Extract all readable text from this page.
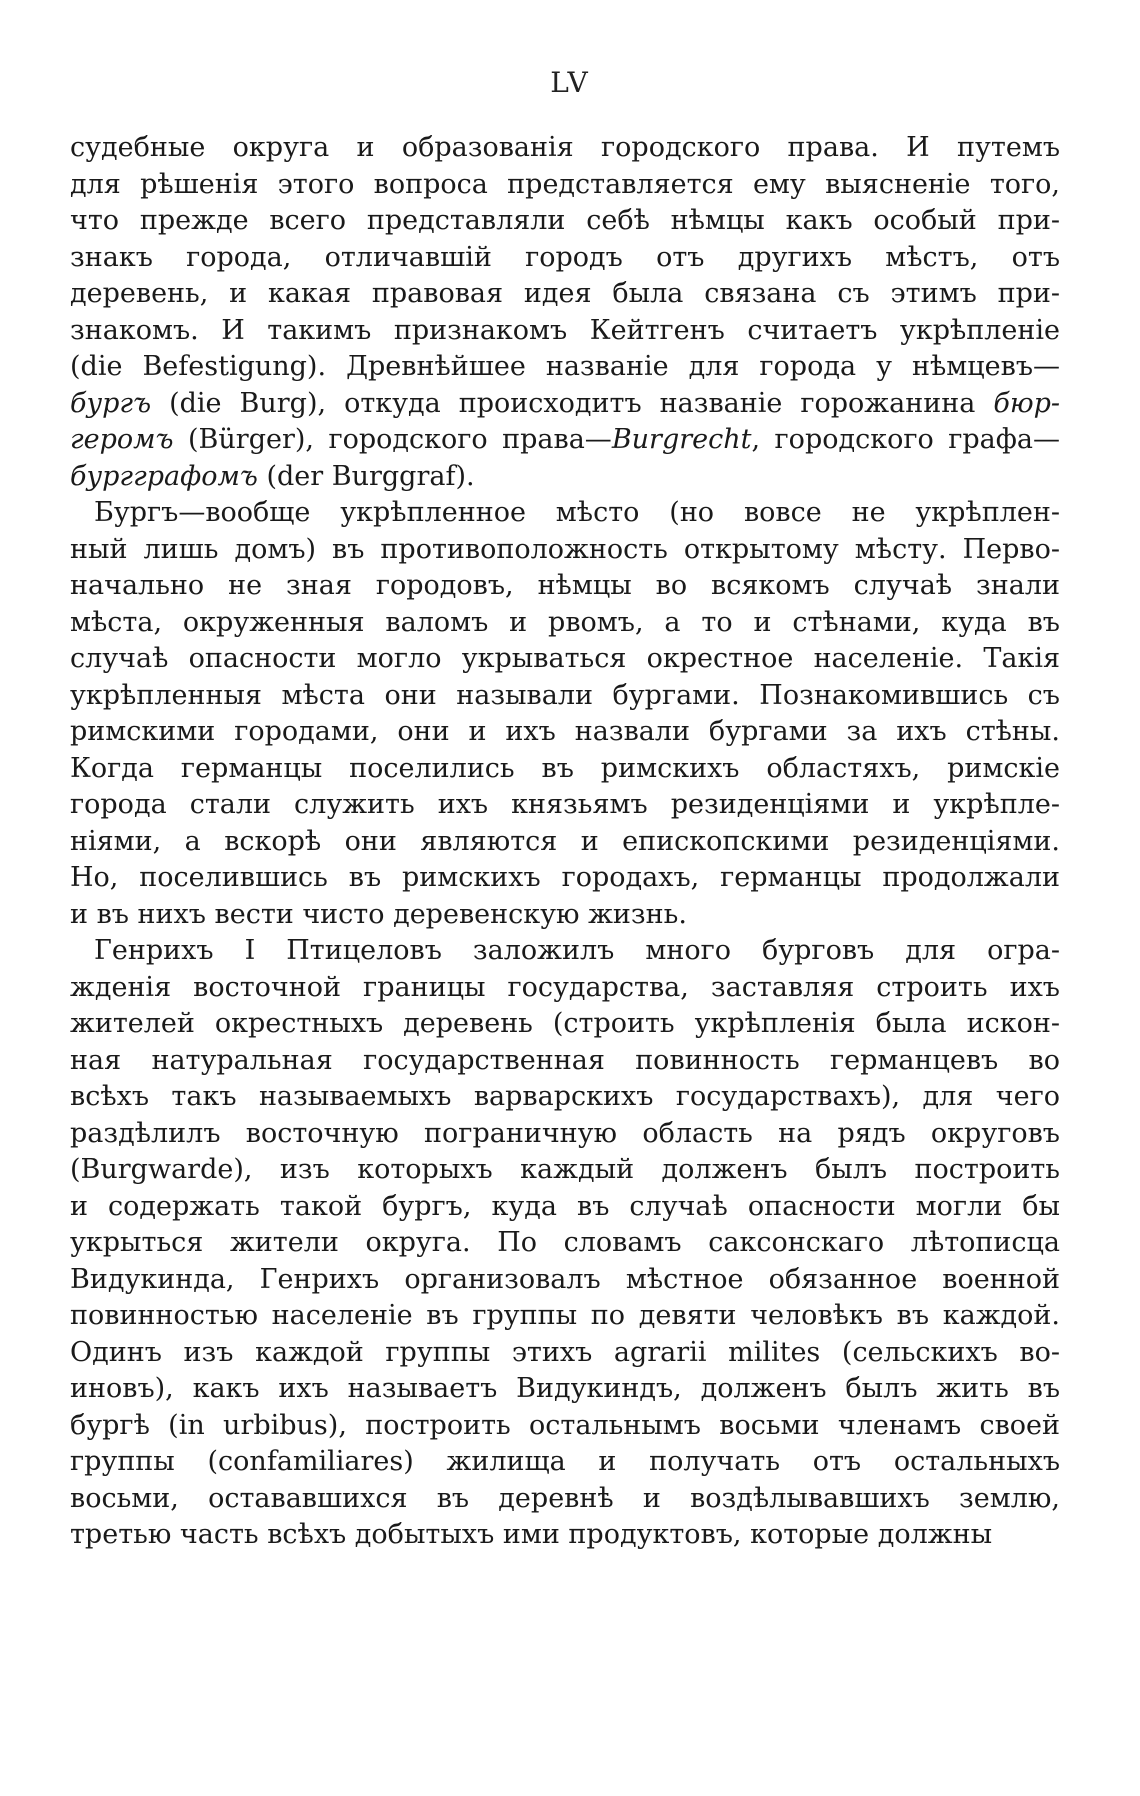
LV
судебные округа и образованія городского права. И путемъ
для рѣшенія этого вопроса представляется ему выясненіе того,
что прежде всего представляли себѣ нѣмцы какъ особый при-
знакъ города, отличавшій городъ отъ другихъ мѣстъ, отъ
деревень, и какая правовая идея была связана съ этимъ при-
знакомъ. И такимъ признакомъ Кейтгенъ считаетъ укрѣпленіе
(die Befestigung). Древнѣйшее названіе для города у нѣмцевъ—
бургъ (die Burg), откуда происходитъ названіе горожанина бюр-
геромъ (Bürger), городского права—Burgrecht, городского графа—
бургграфомъ (der Burggraf).
Бургъ—вообще укрѣпленное мѣсто (но вовсе не укрѣплен-
ный лишь домъ) въ противоположность открытому мѣсту. Перво-
начально не зная городовъ, нѣмцы во всякомъ случаѣ знали
мѣста, окруженныя валомъ и рвомъ, а то и стѣнами, куда въ
случаѣ опасности могло укрываться окрестное населеніе. Такія
укрѣпленныя мѣста они называли бургами. Познакомившись съ
римскими городами, они и ихъ назвали бургами за ихъ стѣны.
Когда германцы поселились въ римскихъ областяхъ, римскіе
города стали служить ихъ князьямъ резиденціями и укрѣпле-
ніями, а вскорѣ они являются и епископскими резиденціями.
Но, поселившись въ римскихъ городахъ, германцы продолжали
и въ нихъ вести чисто деревенскую жизнь.
Генрихъ I Птицеловъ заложилъ много бурговъ для огра-
жденія восточной границы государства, заставляя строить ихъ
жителей окрестныхъ деревень (строить укрѣпленія была искон-
ная натуральная государственная повинность германцевъ во
всѣхъ такъ называемыхъ варварскихъ государствахъ), для чего
раздѣлилъ восточную пограничную область на рядъ округовъ
(Burgwarde), изъ которыхъ каждый долженъ былъ построить
и содержать такой бургъ, куда въ случаѣ опасности могли бы
укрыться жители округа. По словамъ саксонскаго лѣтописца
Видукинда, Генрихъ организовалъ мѣстное обязанное военной
повинностью населеніе въ группы по девяти человѣкъ въ каждой.
Одинъ изъ каждой группы этихъ agrarii milites (сельскихъ во-
иновъ), какъ ихъ называетъ Видукиндъ, долженъ былъ жить въ
бургѣ (in urbibus), построить остальнымъ восьми членамъ своей
группы (confamiliares) жилища и получать отъ остальныхъ
восьми, остававшихся въ деревнѣ и воздѣлывавшихъ землю,
третью часть всѣхъ добытыхъ ими продуктовъ, которые должны
